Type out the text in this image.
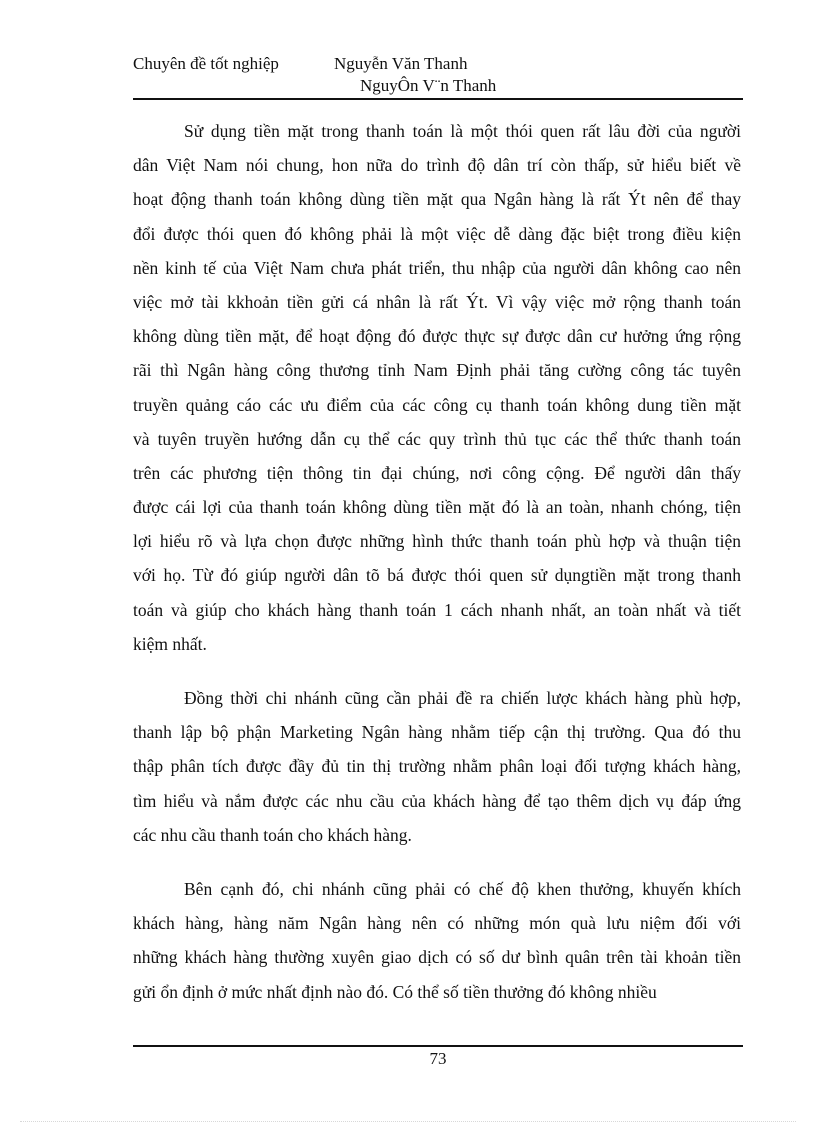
Chuyên đề tốt nghiệp	Nguyễn Văn Thanh
NguyÔn V¨n Thanh
Sử dụng tiền mặt trong thanh toán là một thói quen rất lâu đời của người
dân Việt Nam nói chung, hon nữa do trình độ dân trí còn thấp, sử hiểu biết về
hoạt động thanh toán không dùng tiền mặt qua Ngân hàng là rất Ýt nên để thay
đổi được thói quen đó không phải là một việc dễ dàng đặc biệt trong điều kiện
nền kinh tế của Việt Nam chưa phát triển, thu nhập của người dân không cao nên
việc mở tài kkhoản tiền gửi cá nhân là rất Ýt. Vì vậy việc mở rộng thanh toán
không dùng tiền mặt, để hoạt động đó được thực sự được dân cư hưởng ứng rộng
rãi thì Ngân hàng công thương tỉnh Nam Định phải tăng cường công tác tuyên
truyền quảng cáo các ưu điểm của các công cụ thanh toán không dung tiền mặt
và tuyên truyền hướng dẫn cụ thể các quy trình thủ tục các thể thức thanh toán
trên các phương tiện thông tin đại chúng, nơi công cộng. Để người dân thấy
được cái lợi của thanh toán không dùng tiền mặt đó là an toàn, nhanh chóng, tiện
lợi hiểu rõ và lựa chọn được những hình thức thanh toán phù hợp và thuận tiện
với họ. Từ đó giúp người dân tõ bá được thói quen sử dụngtiền mặt trong thanh
toán và giúp cho khách hàng thanh toán 1 cách nhanh nhất, an toàn nhất và tiết
kiệm nhất.
Đồng thời chi nhánh cũng cần phải đề ra chiến lược khách hàng phù hợp,
thanh lập bộ phận Marketing Ngân hàng nhằm tiếp cận thị trường. Qua đó thu
thập phân tích được đầy đủ tin thị trường nhằm phân loại đối tượng khách hàng,
tìm hiểu và nắm được các nhu cầu của khách hàng để tạo thêm dịch vụ đáp ứng
các nhu cầu thanh toán cho khách hàng.
Bên cạnh đó, chi nhánh cũng phải có chế độ khen thưởng, khuyến khích
khách hàng, hàng năm Ngân hàng nên có những món quà lưu niệm đối với
những khách hàng thường xuyên giao dịch có số dư bình quân trên tài khoản tiền
gửi ổn định ở mức nhất định nào đó. Có thể số tiền thưởng đó không nhiều
73
